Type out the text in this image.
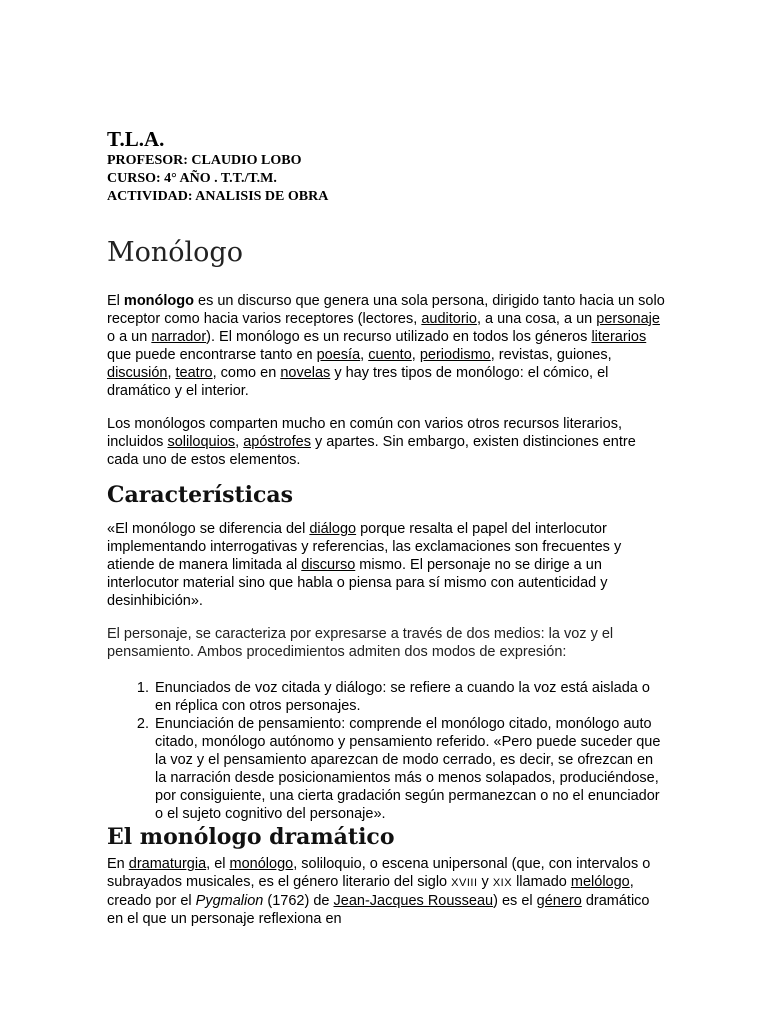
T.L.A.

PROFESOR: CLAUDIO LOBO

CURSO: 4° AÑO . T.T./T.M.

ACTIVIDAD: ANALISIS DE OBRA

Monólogo

El monólogo es un discurso que genera una sola persona, dirigido tanto hacia un solo receptor como hacia varios receptores (lectores, auditorio, a una cosa, a un personaje o a un narrador). El monólogo es un recurso utilizado en todos los géneros literarios que puede encontrarse tanto en poesía, cuento, periodismo, revistas, guiones, discusión, teatro, como en novelas y hay tres tipos de monólogo: el cómico, el dramático y el interior.

Los monólogos comparten mucho en común con varios otros recursos literarios, incluidos soliloquios, apóstrofes y apartes. Sin embargo, existen distinciones entre cada uno de estos elementos.

Características

«El monólogo se diferencia del diálogo porque resalta el papel del interlocutor implementando interrogativas y referencias, las exclamaciones son frecuentes y atiende de manera limitada al discurso mismo. El personaje no se dirige a un interlocutor material sino que habla o piensa para sí mismo con autenticidad y desinhibición».

El personaje, se caracteriza por expresarse a través de dos medios: la voz y el pensamiento. Ambos procedimientos admiten dos modos de expresión:

1. Enunciados de voz citada y diálogo: se refiere a cuando la voz está aislada o en réplica con otros personajes.
2. Enunciación de pensamiento: comprende el monólogo citado, monólogo auto citado, monólogo autónomo y pensamiento referido. «Pero puede suceder que la voz y el pensamiento aparezcan de modo cerrado, es decir, se ofrezcan en la narración desde posicionamientos más o menos solapados, produciéndose, por consiguiente, una cierta gradación según permanezcan o no el enunciador o el sujeto cognitivo del personaje».
El monólogo dramático

En dramaturgia, el monólogo, soliloquio, o escena unipersonal (que, con intervalos o subrayados musicales, es el género literario del siglo XVIII y XIX llamado melólogo, creado por el Pygmalion (1762) de Jean-Jacques Rousseau) es el género dramático en el que un personaje reflexiona en
